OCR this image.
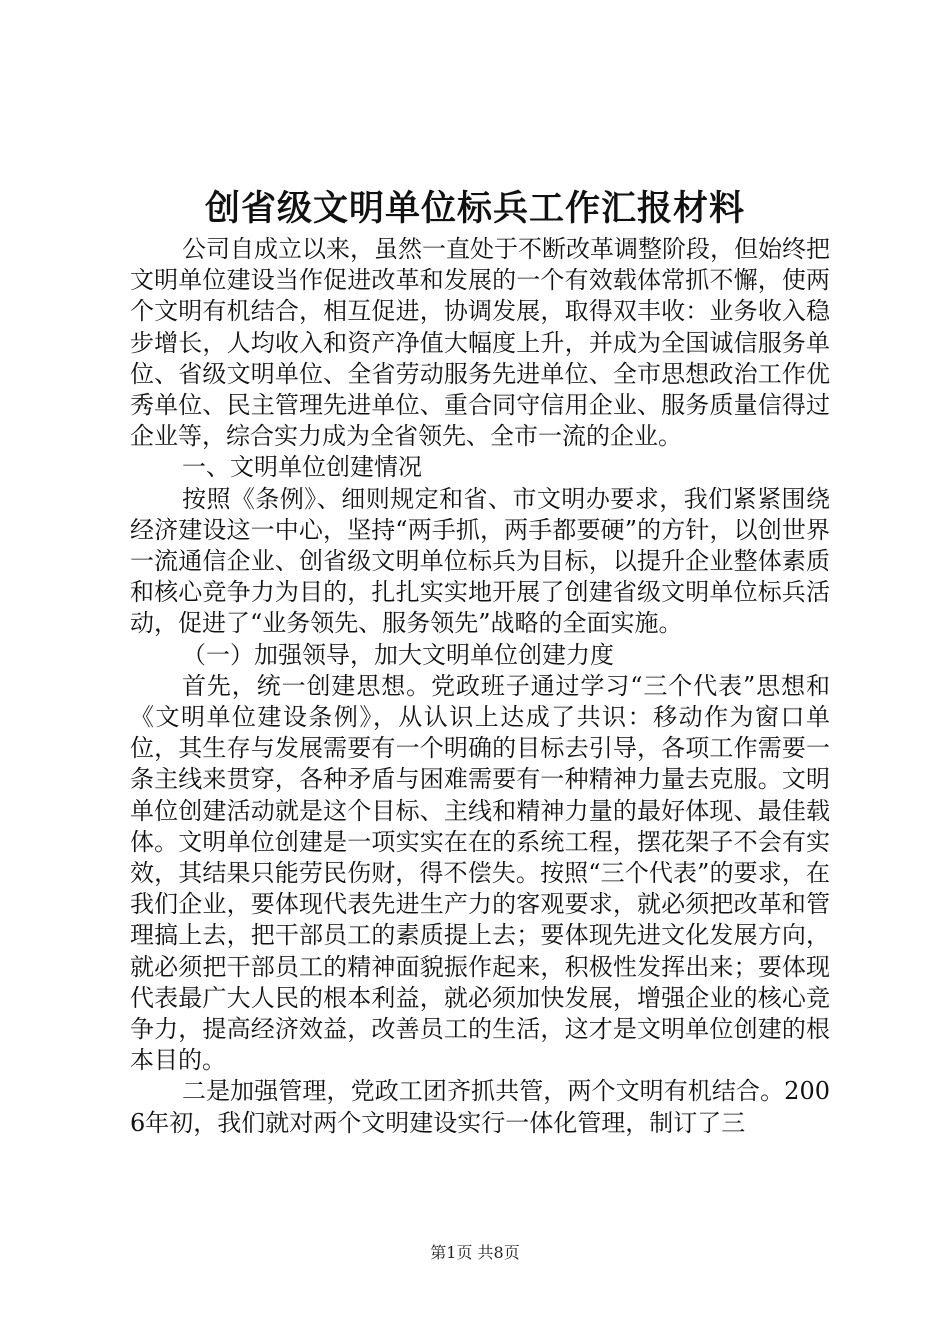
创省级文明单位标兵工作汇报材料

公司自成立以来，虽然一直处于不断改革调整阶段，但始终把文明单位建设当作促进改革和发展的一个有效载体常抓不懈，使两个文明有机结合，相互促进，协调发展，取得双丰收：业务收入稳步增长，人均收入和资产净值大幅度上升，并成为全国诚信服务单位、省级文明单位、全省劳动服务先进单位、全市思想政治工作优秀单位、民主管理先进单位、重合同守信用企业、服务质量信得过企业等，综合实力成为全省领先、全市一流的企业。

一、文明单位创建情况

按照《条例》、细则规定和省、市文明办要求，我们紧紧围绕经济建设这一中心，坚持“两手抓，两手都要硬”的方针，以创世界一流通信企业、创省级文明单位标兵为目标，以提升企业整体素质和核心竞争力为目的，扎扎实实地开展了创建省级文明单位标兵活动，促进了“业务领先、服务领先”战略的全面实施。

（一）加强领导，加大文明单位创建力度

首先，统一创建思想。党政班子通过学习“三个代表”思想和《文明单位建设条例》，从认识上达成了共识：移动作为窗口单位，其生存与发展需要有一个明确的目标去引导，各项工作需要一条主线来贯穿，各种矛盾与困难需要有一种精神力量去克服。文明单位创建活动就是这个目标、主线和精神力量的最好体现、最佳载体。文明单位创建是一项实实在在的系统工程，摆花架子不会有实效，其结果只能劳民伤财，得不偿失。按照“三个代表”的要求，在我们企业，要体现代表先进生产力的客观要求，就必须把改革和管理搞上去，把干部员工的素质提上去；要体现先进文化发展方向，就必须把干部员工的精神面貌振作起来，积极性发挥出来；要体现代表最广大人民的根本利益，就必须加快发展，增强企业的核心竞争力，提高经济效益，改善员工的生活，这才是文明单位创建的根本目的。

二是加强管理，党政工团齐抓共管，两个文明有机结合。2006年初，我们就对两个文明建设实行一体化管理，制订了三

第1页 共8页
